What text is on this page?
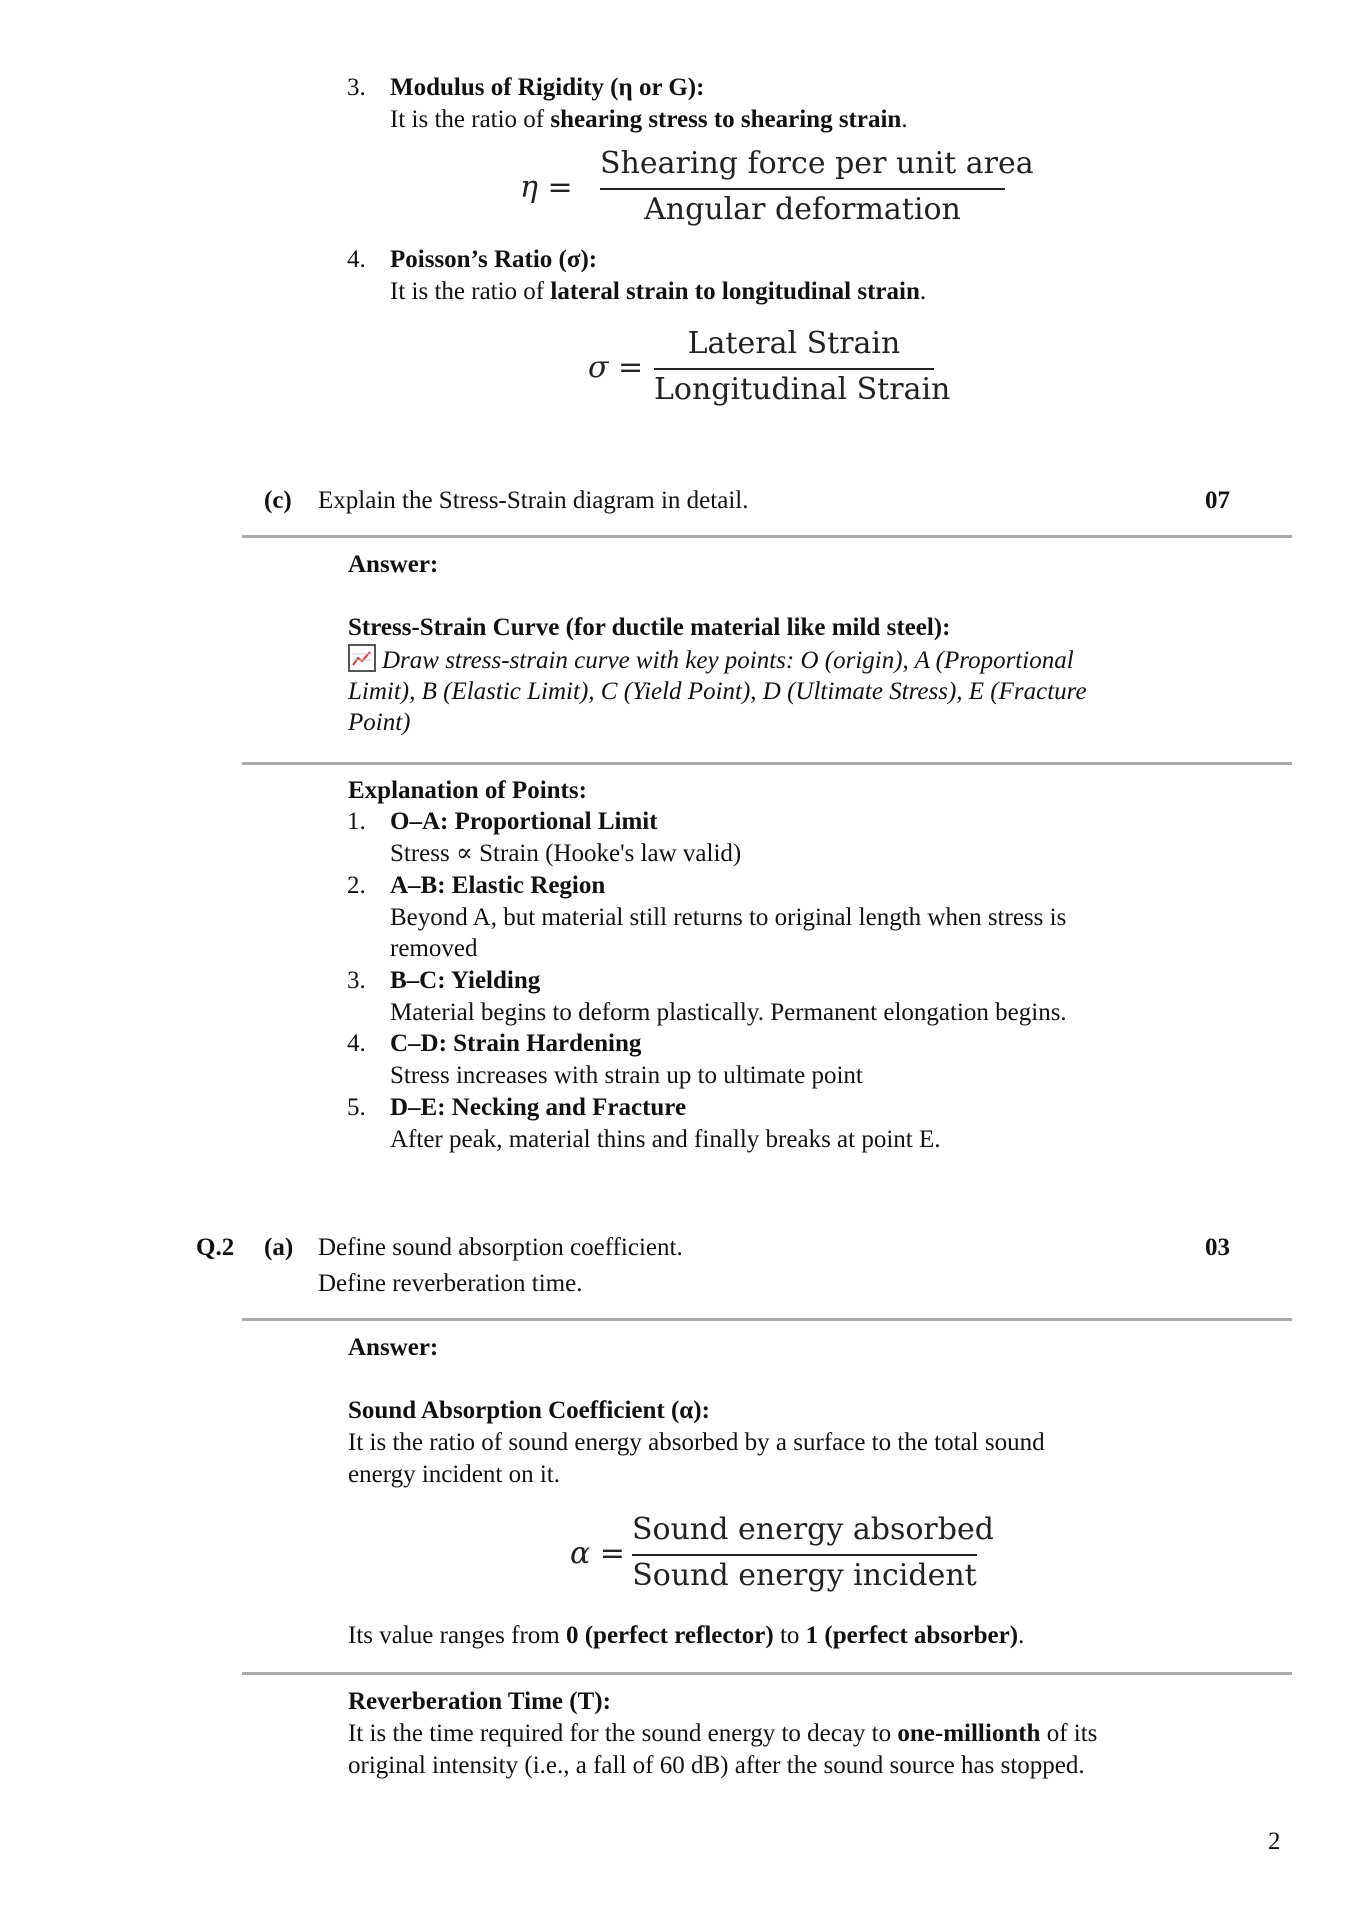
3. Modulus of Rigidity (η or G):
It is the ratio of shearing stress to shearing strain.
η =
Shearing force per unit area
Angular deformation
4. Poisson’s Ratio (σ):
It is the ratio of lateral strain to longitudinal strain.
σ =
Lateral Strain
Longitudinal Strain
(c) Explain the Stress-Strain diagram in detail.	07
Answer:
Stress-Strain Curve (for ductile material like mild steel):
Draw stress-strain curve with key points: O (origin), A (Proportional
Limit), B (Elastic Limit), C (Yield Point), D (Ultimate Stress), E (Fracture
Point)
Explanation of Points:
1. O–A: Proportional Limit
Stress ∝ Strain (Hooke's law valid)
2. A–B: Elastic Region
Beyond A, but material still returns to original length when stress is
removed
3. B–C: Yielding
Material begins to deform plastically. Permanent elongation begins.
4. C–D: Strain Hardening
Stress increases with strain up to ultimate point
5. D–E: Necking and Fracture
After peak, material thins and finally breaks at point E.
Q.2 (a) Define sound absorption coefficient.
Define reverberation time.
03
Answer:
Sound Absorption Coefficient (α):
It is the ratio of sound energy absorbed by a surface to the total sound
energy incident on it.
α =
Sound energy absorbed
Sound energy incident
Its value ranges from 0 (perfect reflector) to 1 (perfect absorber).
Reverberation Time (T):
It is the time required for the sound energy to decay to one-millionth of its
original intensity (i.e., a fall of 60 dB) after the sound source has stopped.
2
